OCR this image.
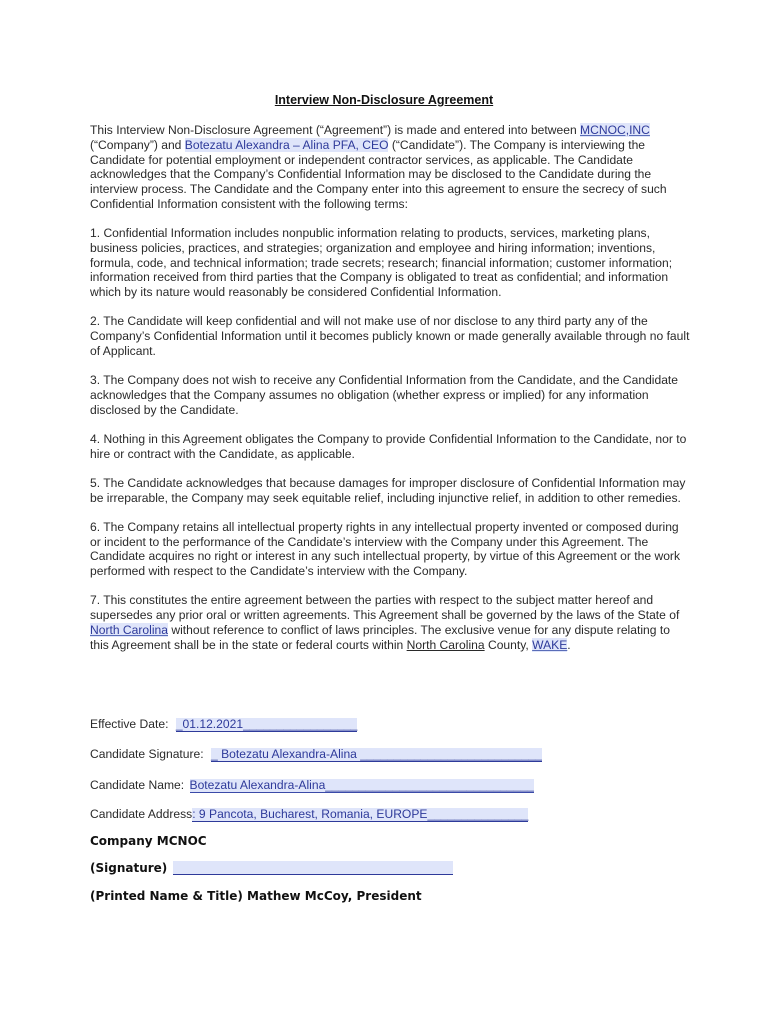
Interview Non-Disclosure Agreement

This Interview Non-Disclosure Agreement (“Agreement”) is made and entered into between MCNOC,INC (“Company”) and Botezatu Alexandra – Alina PFA, CEO (“Candidate”). The Company is interviewing the Candidate for potential employment or independent contractor services, as applicable. The Candidate acknowledges that the Company’s Confidential Information may be disclosed to the Candidate during the interview process. The Candidate and the Company enter into this agreement to ensure the secrecy of such Confidential Information consistent with the following terms:

1. Confidential Information includes nonpublic information relating to products, services, marketing plans, business policies, practices, and strategies; organization and employee and hiring information; inventions, formula, code, and technical information; trade secrets; research; financial information; customer information; information received from third parties that the Company is obligated to treat as confidential; and information which by its nature would reasonably be considered Confidential Information.

2. The Candidate will keep confidential and will not make use of nor disclose to any third party any of the Company’s Confidential Information until it becomes publicly known or made generally available through no fault of Applicant.

3. The Company does not wish to receive any Confidential Information from the Candidate, and the Candidate acknowledges that the Company assumes no obligation (whether express or implied) for any information disclosed by the Candidate.

4. Nothing in this Agreement obligates the Company to provide Confidential Information to the Candidate, nor to hire or contract with the Candidate, as applicable.

5. The Candidate acknowledges that because damages for improper disclosure of Confidential Information may be irreparable, the Company may seek equitable relief, including injunctive relief, in addition to other remedies.

6. The Company retains all intellectual property rights in any intellectual property invented or composed during or incident to the performance of the Candidate’s interview with the Company under this Agreement. The Candidate acquires no right or interest in any such intellectual property, by virtue of this Agreement or the work performed with respect to the Candidate’s interview with the Company.

7. This constitutes the entire agreement between the parties with respect to the subject matter hereof and supersedes any prior oral or written agreements. This Agreement shall be governed by the laws of the State of North Carolina without reference to conflict of laws principles. The exclusive venue for any dispute relating to this Agreement shall be in the state or federal courts within North Carolina County, WAKE.

Effective Date: _01.12.2021_________________
Candidate Signature: _ Botezatu Alexandra-Alina ___________________________
Candidate Name: Botezatu Alexandra-Alina_______________________________
Candidate Address: 9 Pancota, Bucharest, Romania, EUROPE_______________
Company MCNOC
(Signature)
(Printed Name & Title) Mathew McCoy, President
